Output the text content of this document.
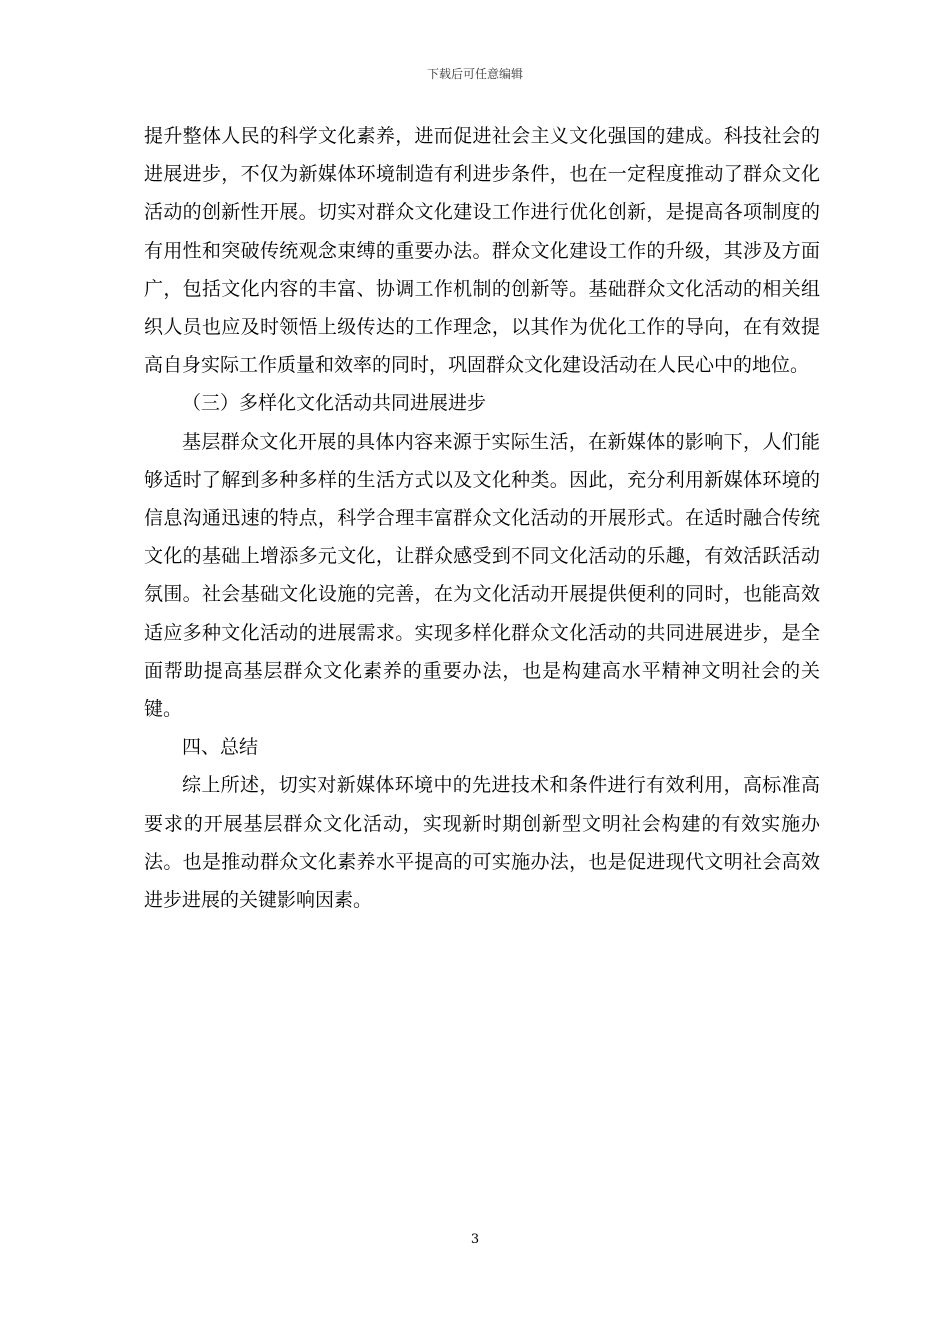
下载后可任意编辑

提升整体人民的科学文化素养，进而促进社会主义文化强国的建成。科技社会的进展进步，不仅为新媒体环境制造有利进步条件，也在一定程度推动了群众文化活动的创新性开展。切实对群众文化建设工作进行优化创新，是提高各项制度的有用性和突破传统观念束缚的重要办法。群众文化建设工作的升级，其涉及方面广，包括文化内容的丰富、协调工作机制的创新等。基础群众文化活动的相关组织人员也应及时领悟上级传达的工作理念，以其作为优化工作的导向，在有效提高自身实际工作质量和效率的同时，巩固群众文化建设活动在人民心中的地位。

（三）多样化文化活动共同进展进步

基层群众文化开展的具体内容来源于实际生活，在新媒体的影响下，人们能够适时了解到多种多样的生活方式以及文化种类。因此，充分利用新媒体环境的信息沟通迅速的特点，科学合理丰富群众文化活动的开展形式。在适时融合传统文化的基础上增添多元文化，让群众感受到不同文化活动的乐趣，有效活跃活动氛围。社会基础文化设施的完善，在为文化活动开展提供便利的同时，也能高效适应多种文化活动的进展需求。实现多样化群众文化活动的共同进展进步，是全面帮助提高基层群众文化素养的重要办法，也是构建高水平精神文明社会的关键。

四、总结

综上所述，切实对新媒体环境中的先进技术和条件进行有效利用，高标准高要求的开展基层群众文化活动，实现新时期创新型文明社会构建的有效实施办法。也是推动群众文化素养水平提高的可实施办法，也是促进现代文明社会高效进步进展的关键影响因素。

3
